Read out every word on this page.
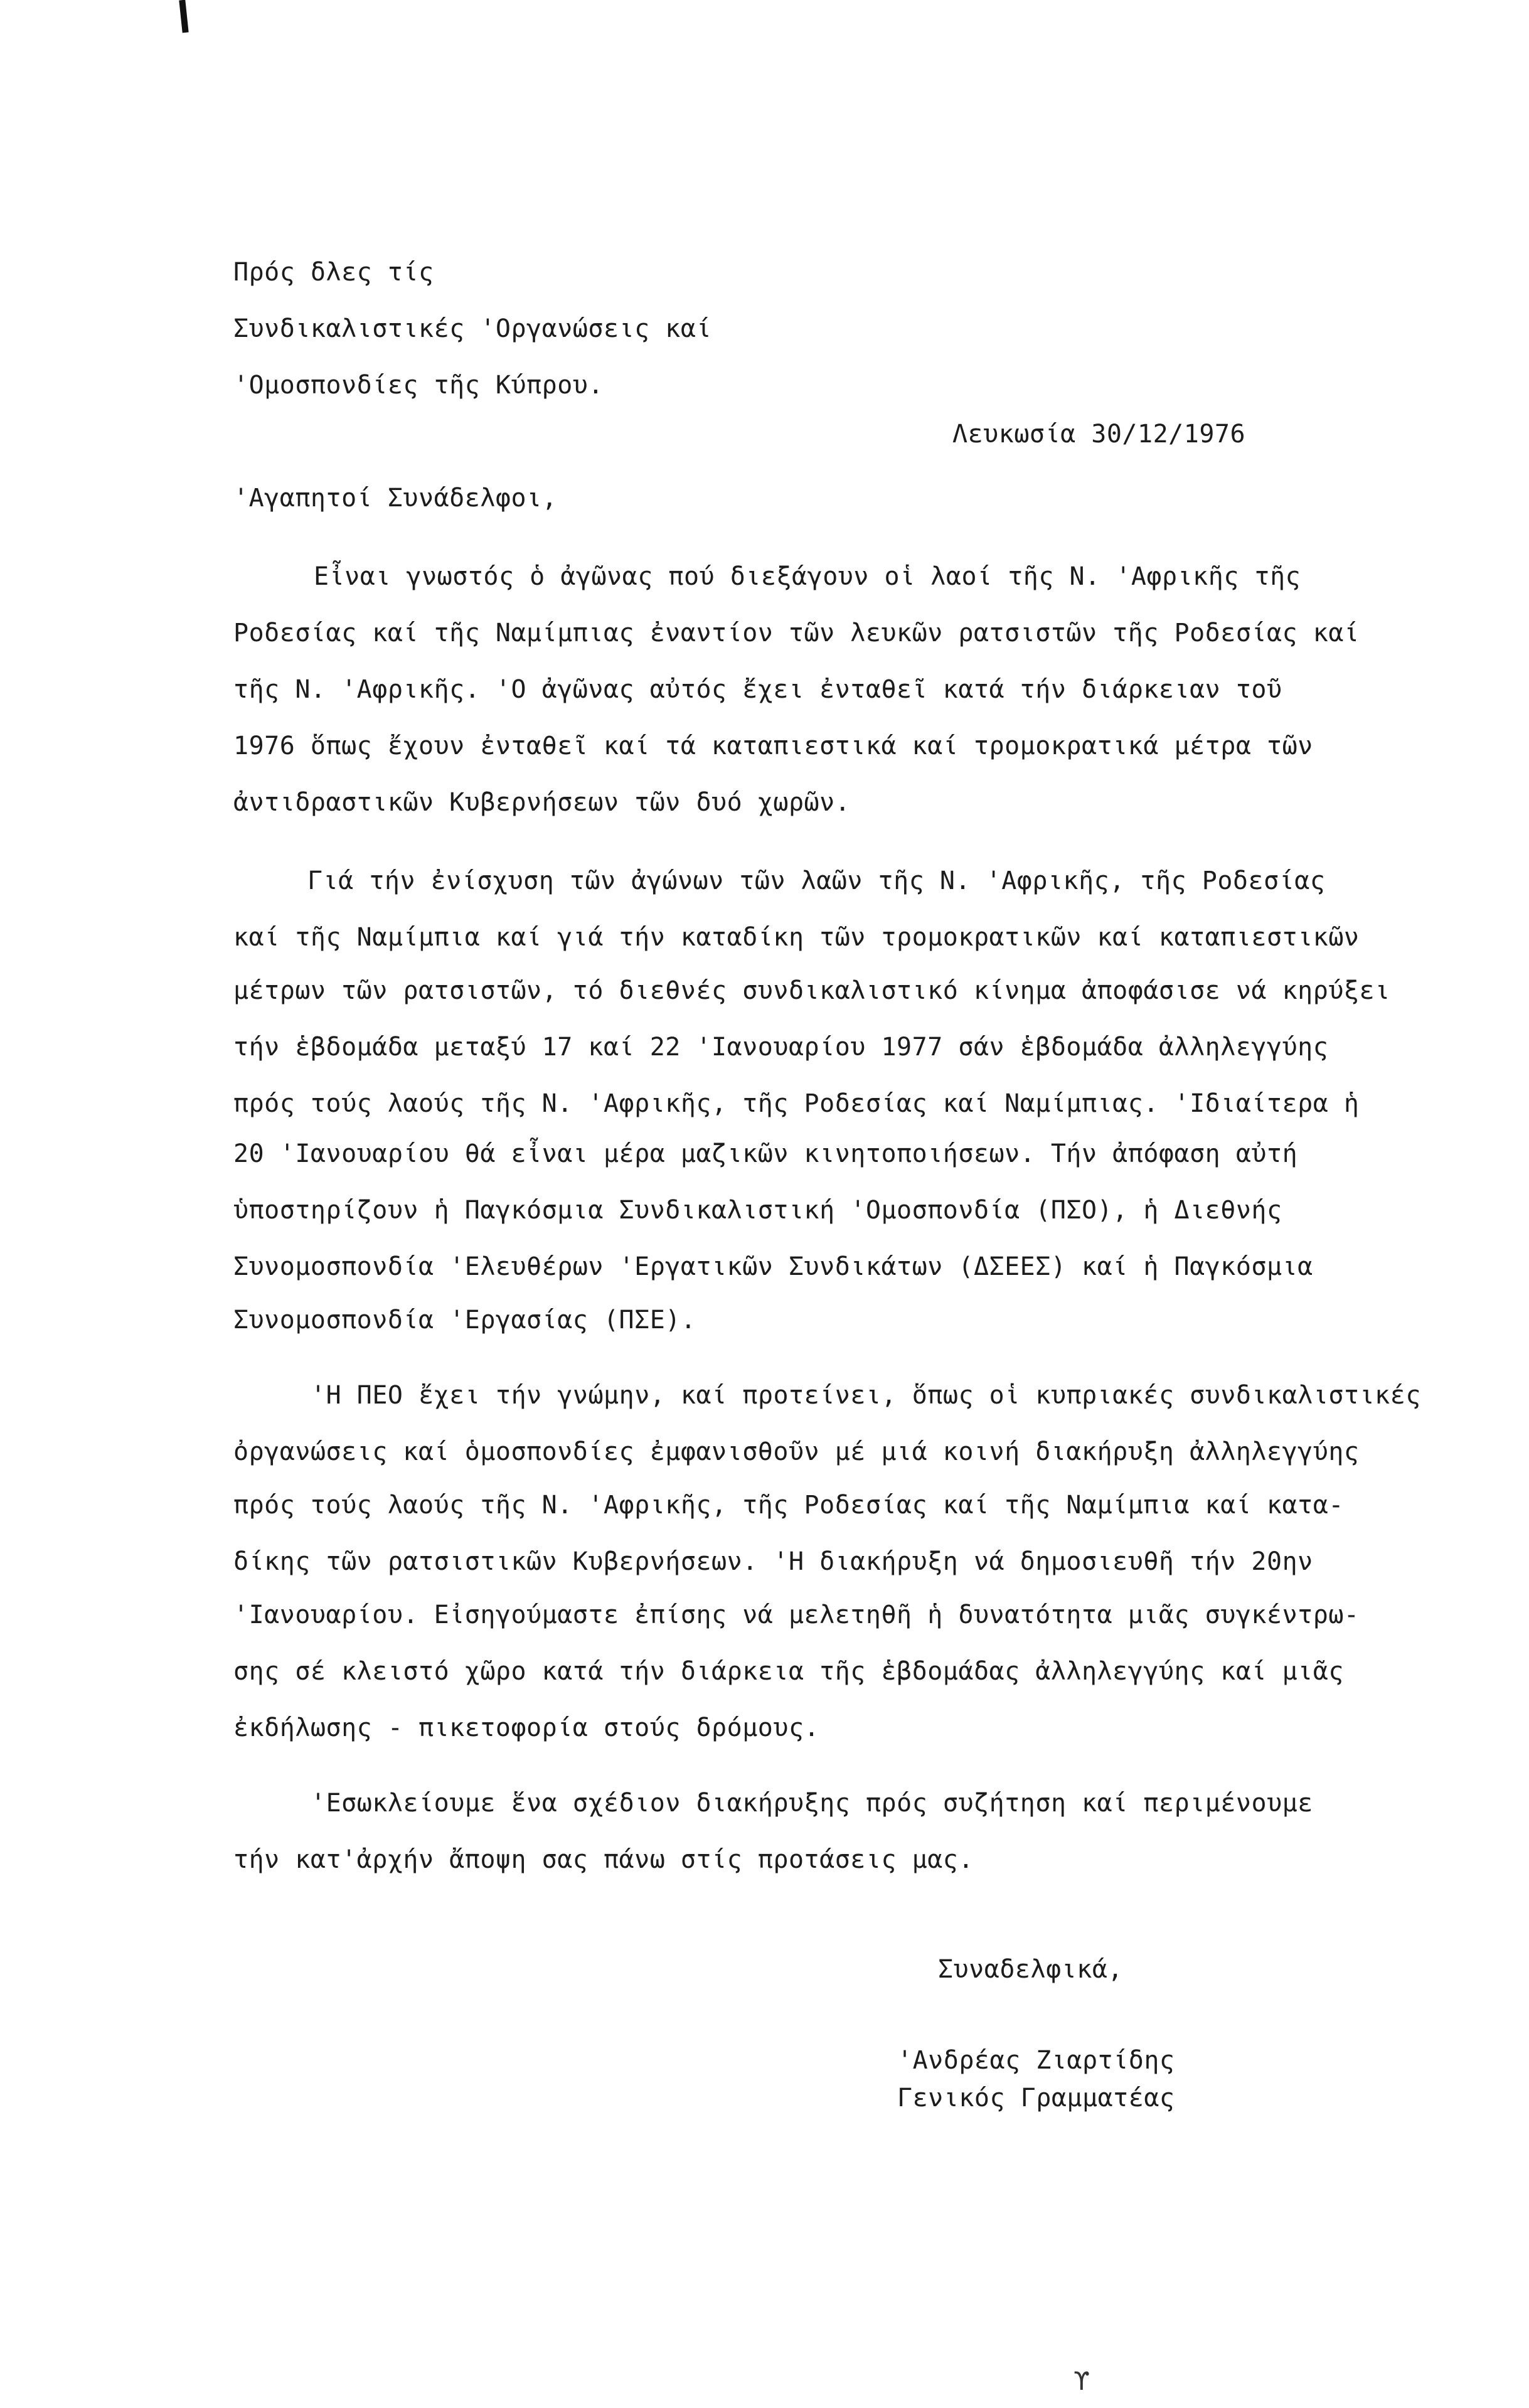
Πρός δλες τίς
Συνδικαλιστικές 'Οργανώσεις καί
'Ομοσπονδίες τῆς Κύπρου.
Λευκωσία 30/12/1976
'Αγαπητοί Συνάδελφοι,
Εἶναι γνωστός ὁ ἀγῶνας πού διεξάγουν οἱ λαοί τῆς Ν. 'Αφρικῆς τῆς
Ροδεσίας καί τῆς Ναμίμπιας ἐναντίον τῶν λευκῶν ρατσιστῶν τῆς Ροδεσίας καί
τῆς Ν. 'Αφρικῆς. 'Ο ἀγῶνας αὐτός ἔχει ἐνταθεῖ κατά τήν διάρκειαν τοῦ
1976 ὅπως ἔχουν ἐνταθεῖ καί τά καταπιεστικά καί τρομοκρατικά μέτρα τῶν
ἀντιδραστικῶν Κυβερνήσεων τῶν δυό χωρῶν.
Γιά τήν ἐνίσχυση τῶν ἀγώνων τῶν λαῶν τῆς Ν. 'Αφρικῆς, τῆς Ροδεσίας
καί τῆς Ναμίμπια καί γιά τήν καταδίκη τῶν τρομοκρατικῶν καί καταπιεστικῶν
μέτρων τῶν ρατσιστῶν, τό διεθνές συνδικαλιστικό κίνημα ἀποφάσισε νά κηρύξει
τήν ἑβδομάδα μεταξύ 17 καί 22 'Ιανουαρίου 1977 σάν ἑβδομάδα ἀλληλεγγύης
πρός τούς λαούς τῆς Ν. 'Αφρικῆς, τῆς Ροδεσίας καί Ναμίμπιας. 'Ιδιαίτερα ἡ
20 'Ιανουαρίου θά εἶναι μέρα μαζικῶν κινητοποιήσεων. Τήν ἀπόφαση αὐτή
ὑποστηρίζουν ἡ Παγκόσμια Συνδικαλιστική 'Ομοσπονδία (ΠΣΟ), ἡ Διεθνής
Συνομοσπονδία 'Ελευθέρων 'Εργατικῶν Συνδικάτων (ΔΣΕΕΣ) καί ἡ Παγκόσμια
Συνομοσπονδία 'Εργασίας (ΠΣΕ).
'Η ΠΕΟ ἔχει τήν γνώμην, καί προτείνει, ὅπως οἱ κυπριακές συνδικαλιστικές
ὀργανώσεις καί ὁμοσπονδίες ἐμφανισθοῦν μέ μιά κοινή διακήρυξη ἀλληλεγγύης
πρός τούς λαούς τῆς Ν. 'Αφρικῆς, τῆς Ροδεσίας καί τῆς Ναμίμπια καί κατα-
δίκης τῶν ρατσιστικῶν Κυβερνήσεων. 'Η διακήρυξη νά δημοσιευθῆ τήν 20ην
'Ιανουαρίου. Εἰσηγούμαστε ἐπίσης νά μελετηθῆ ἡ δυνατότητα μιᾶς συγκέντρω-
σης σέ κλειστό χῶρο κατά τήν διάρκεια τῆς ἑβδομάδας ἀλληλεγγύης καί μιᾶς
ἐκδήλωσης - πικετοφορία στούς δρόμους.
'Εσωκλείουμε ἕνα σχέδιον διακήρυξης πρός συζήτηση καί περιμένουμε
τήν κατ'ἀρχήν ἄποψη σας πάνω στίς προτάσεις μας.
Συναδελφικά,
'Ανδρέας Ζιαρτίδης
Γενικός Γραμματέας
ϒ
